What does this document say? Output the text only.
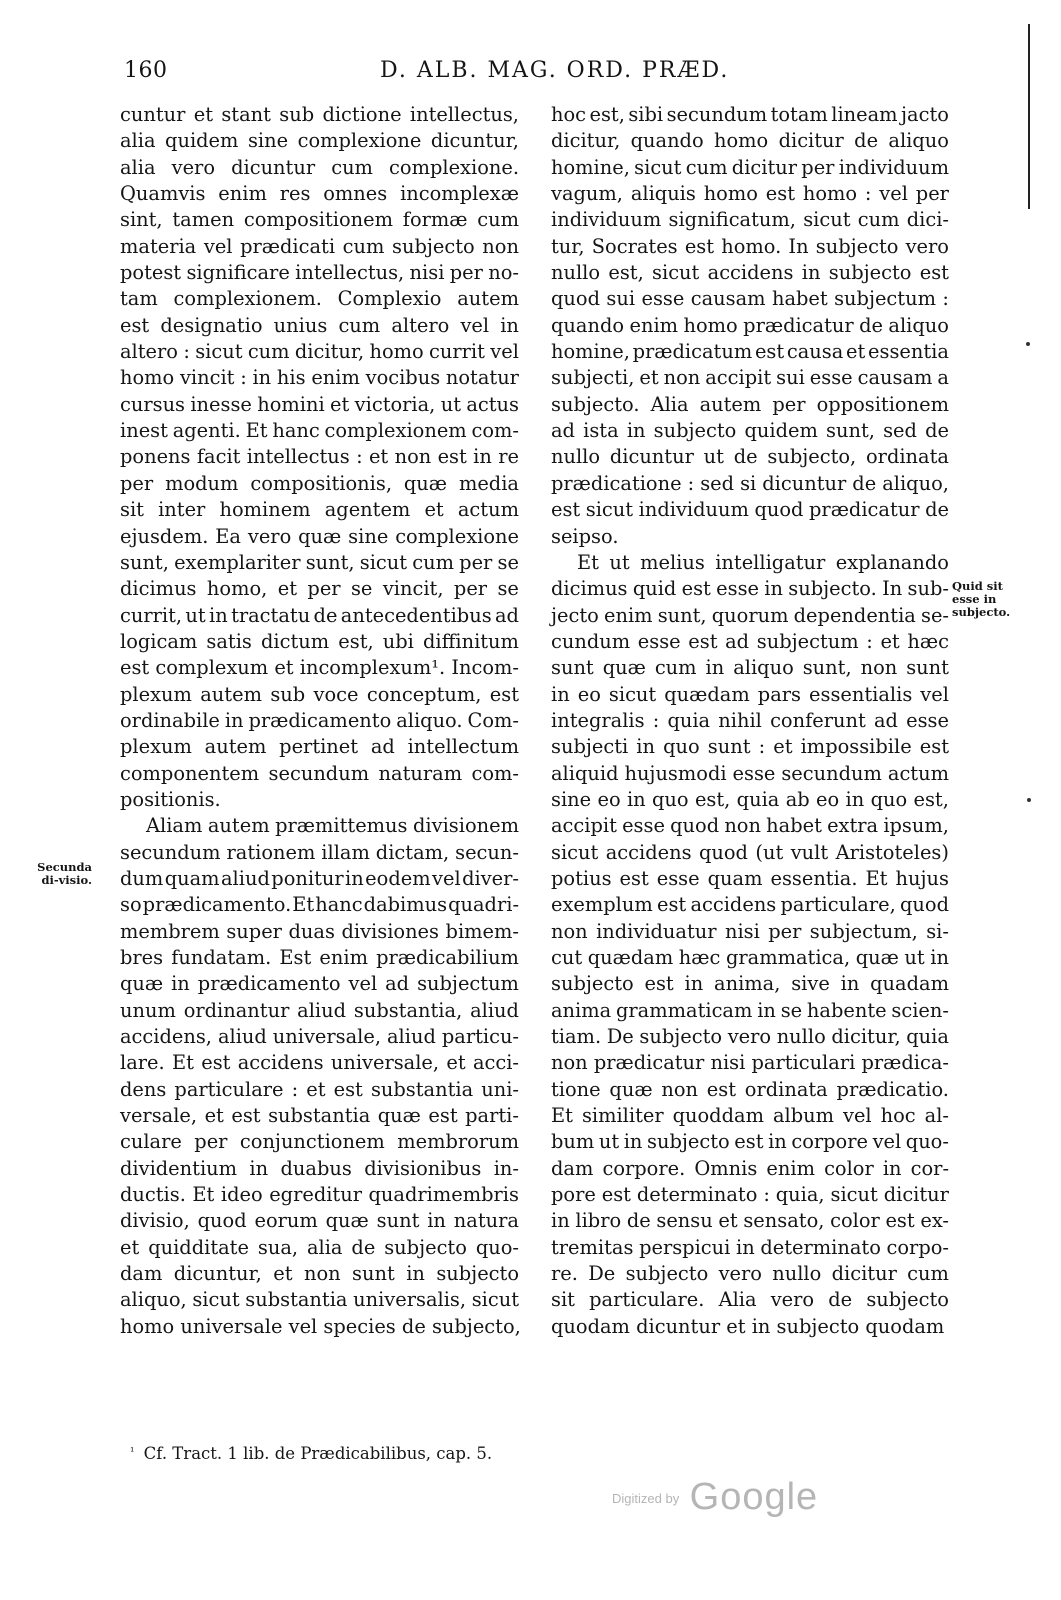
160	D. ALB. MAG. ORD. PRÆD.
cuntur et stant sub dictione intellectus,
alia quidem sine complexione dicuntur,
alia vero dicuntur cum complexione.
Quamvis enim res omnes incomplexæ
sint, tamen compositionem formæ cum
materia vel prædicati cum subjecto non
potest significare intellectus, nisi per no-
tam complexionem. Complexio autem
est designatio unius cum altero vel in
altero : sicut cum dicitur, homo currit vel
homo vincit : in his enim vocibus notatur
cursus inesse homini et victoria, ut actus
inest agenti. Et hanc complexionem com-
ponens facit intellectus : et non est in re
per modum compositionis, quæ media
sit inter hominem agentem et actum
ejusdem. Ea vero quæ sine complexione
sunt, exemplariter sunt, sicut cum per se
dicimus homo, et per se vincit, per se
currit, ut in tractatu de antecedentibus ad
logicam satis dictum est, ubi diffinitum
est complexum et incomplexum¹. Incom-
plexum autem sub voce conceptum, est
ordinabile in prædicamento aliquo. Com-
plexum autem pertinet ad intellectum
componentem secundum naturam com-
positionis.
Aliam autem præmittemus divisionem
secundum rationem illam dictam, secun-
dum quam aliud ponitur in eodem vel diver-
so prædicamento. Et hanc dabimus quadri-
membrem super duas divisiones bimem-
bres fundatam. Est enim prædicabilium
quæ in prædicamento vel ad subjectum
unum ordinantur aliud substantia, aliud
accidens, aliud universale, aliud particu-
lare. Et est accidens universale, et acci-
dens particulare : et est substantia uni-
versale, et est substantia quæ est parti-
culare per conjunctionem membrorum
dividentium in duabus divisionibus in-
ductis. Et ideo egreditur quadrimembris
divisio, quod eorum quæ sunt in natura
et quidditate sua, alia de subjecto quo-
dam dicuntur, et non sunt in subjecto
aliquo, sicut substantia universalis, sicut
homo universale vel species de subjecto,
hoc est, sibi secundum totam lineam jacto
dicitur, quando homo dicitur de aliquo
homine, sicut cum dicitur per individuum
vagum, aliquis homo est homo : vel per
individuum significatum, sicut cum dici-
tur, Socrates est homo. In subjecto vero
nullo est, sicut accidens in subjecto est
quod sui esse causam habet subjectum :
quando enim homo prædicatur de aliquo
homine, prædicatum est causa et essentia
subjecti, et non accipit sui esse causam a
subjecto. Alia autem per oppositionem
ad ista in subjecto quidem sunt, sed de
nullo dicuntur ut de subjecto, ordinata
prædicatione : sed si dicuntur de aliquo,
est sicut individuum quod prædicatur de
seipso.
Et ut melius intelligatur explanando
dicimus quid est esse in subjecto. In sub-
jecto enim sunt, quorum dependentia se-
cundum esse est ad subjectum : et hæc
sunt quæ cum in aliquo sunt, non sunt
in eo sicut quædam pars essentialis vel
integralis : quia nihil conferunt ad esse
subjecti in quo sunt : et impossibile est
aliquid hujusmodi esse secundum actum
sine eo in quo est, quia ab eo in quo est,
accipit esse quod non habet extra ipsum,
sicut accidens quod (ut vult Aristoteles)
potius est esse quam essentia. Et hujus
exemplum est accidens particulare, quod
non individuatur nisi per subjectum, si-
cut quædam hæc grammatica, quæ ut in
subjecto est in anima, sive in quadam
anima grammaticam in se habente scien-
tiam. De subjecto vero nullo dicitur, quia
non prædicatur nisi particulari prædica-
tione quæ non est ordinata prædicatio.
Et similiter quoddam album vel hoc al-
bum ut in subjecto est in corpore vel quo-
dam corpore. Omnis enim color in cor-
pore est determinato : quia, sicut dicitur
in libro de sensu et sensato, color est ex-
tremitas perspicui in determinato corpo-
re. De subjecto vero nullo dicitur cum
sit particulare. Alia vero de subjecto
quodam dicuntur et in subjecto quodam
Secunda di-visio.
Quid sit esse in subjecto.
$^{^1}$ Cf. Tract. 1 lib. de Prædicabilibus, cap. 5.
$^{Digitized by}$ Google
